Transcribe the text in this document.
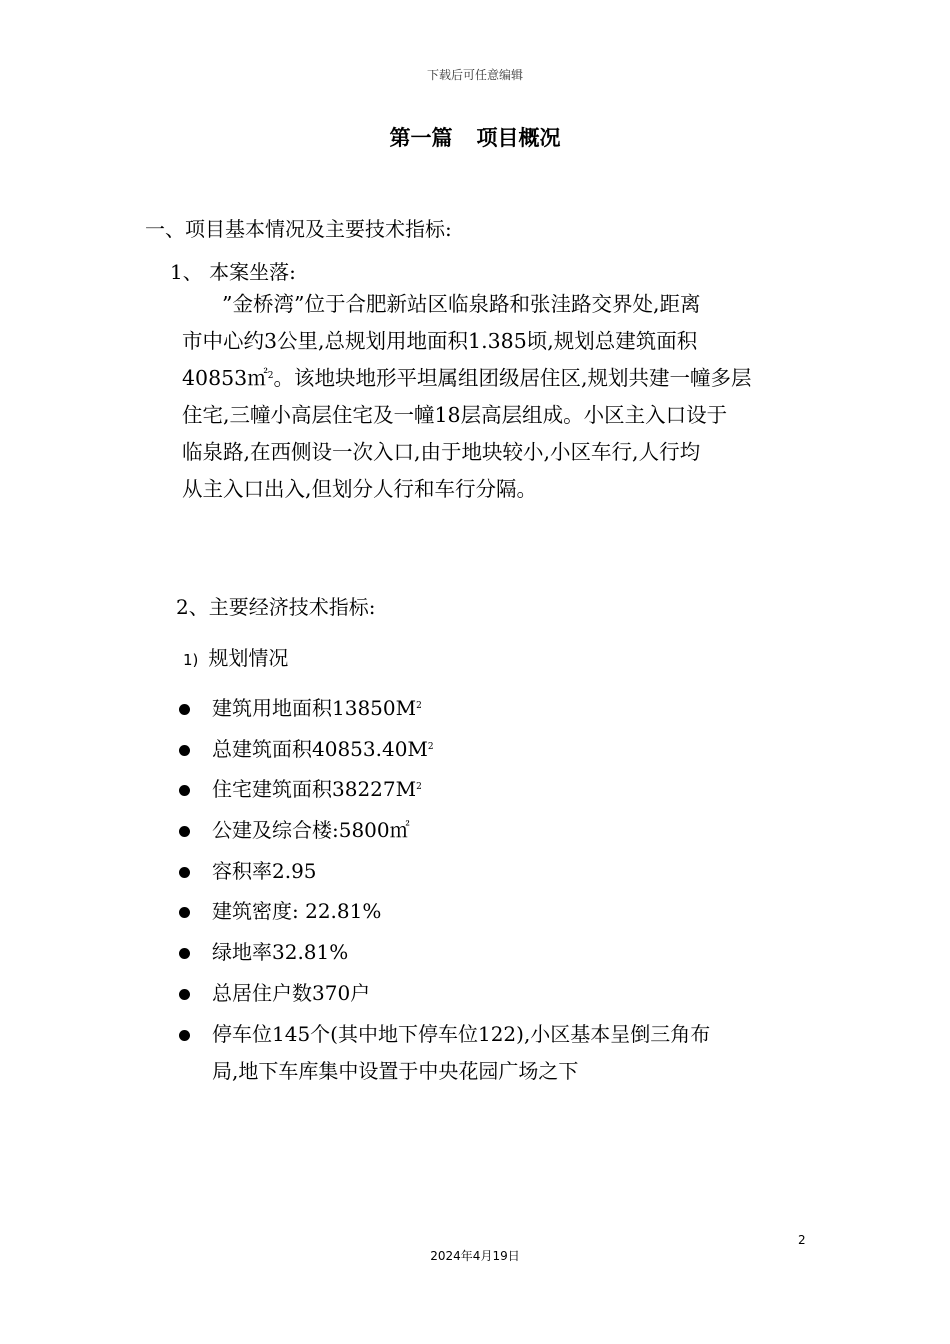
下载后可任意编辑
第一篇 项目概况
一、项目基本情况及主要技术指标:
1、 本案坐落:
”金桥湾”位于合肥新站区临泉路和张洼路交界处,距离
市中心约3公里,总规划用地面积1.385顷,规划总建筑面积
40853㎡$^2$。该地块地形平坦属组团级居住区,规划共建一幢多层
住宅,三幢小高层住宅及一幢18层高层组成。小区主入口设于
临泉路,在西侧设一次入口,由于地块较小,小区车行,人行均
从主入口出入,但划分人行和车行分隔。
2、主要经济技术指标:
1) 规划情况
建筑用地面积$13850M^2$
总建筑面积$40853.40M^2$
住宅建筑面积$38227M^2$
公建及综合楼:5800㎡
容积率2.95
建筑密度: 22.81%
绿地率32.81%
总居住户数370户
停车位145个(其中地下停车位122),小区基本呈倒三角布
局,地下车库集中设置于中央花园广场之下
2
2024年4月19日
